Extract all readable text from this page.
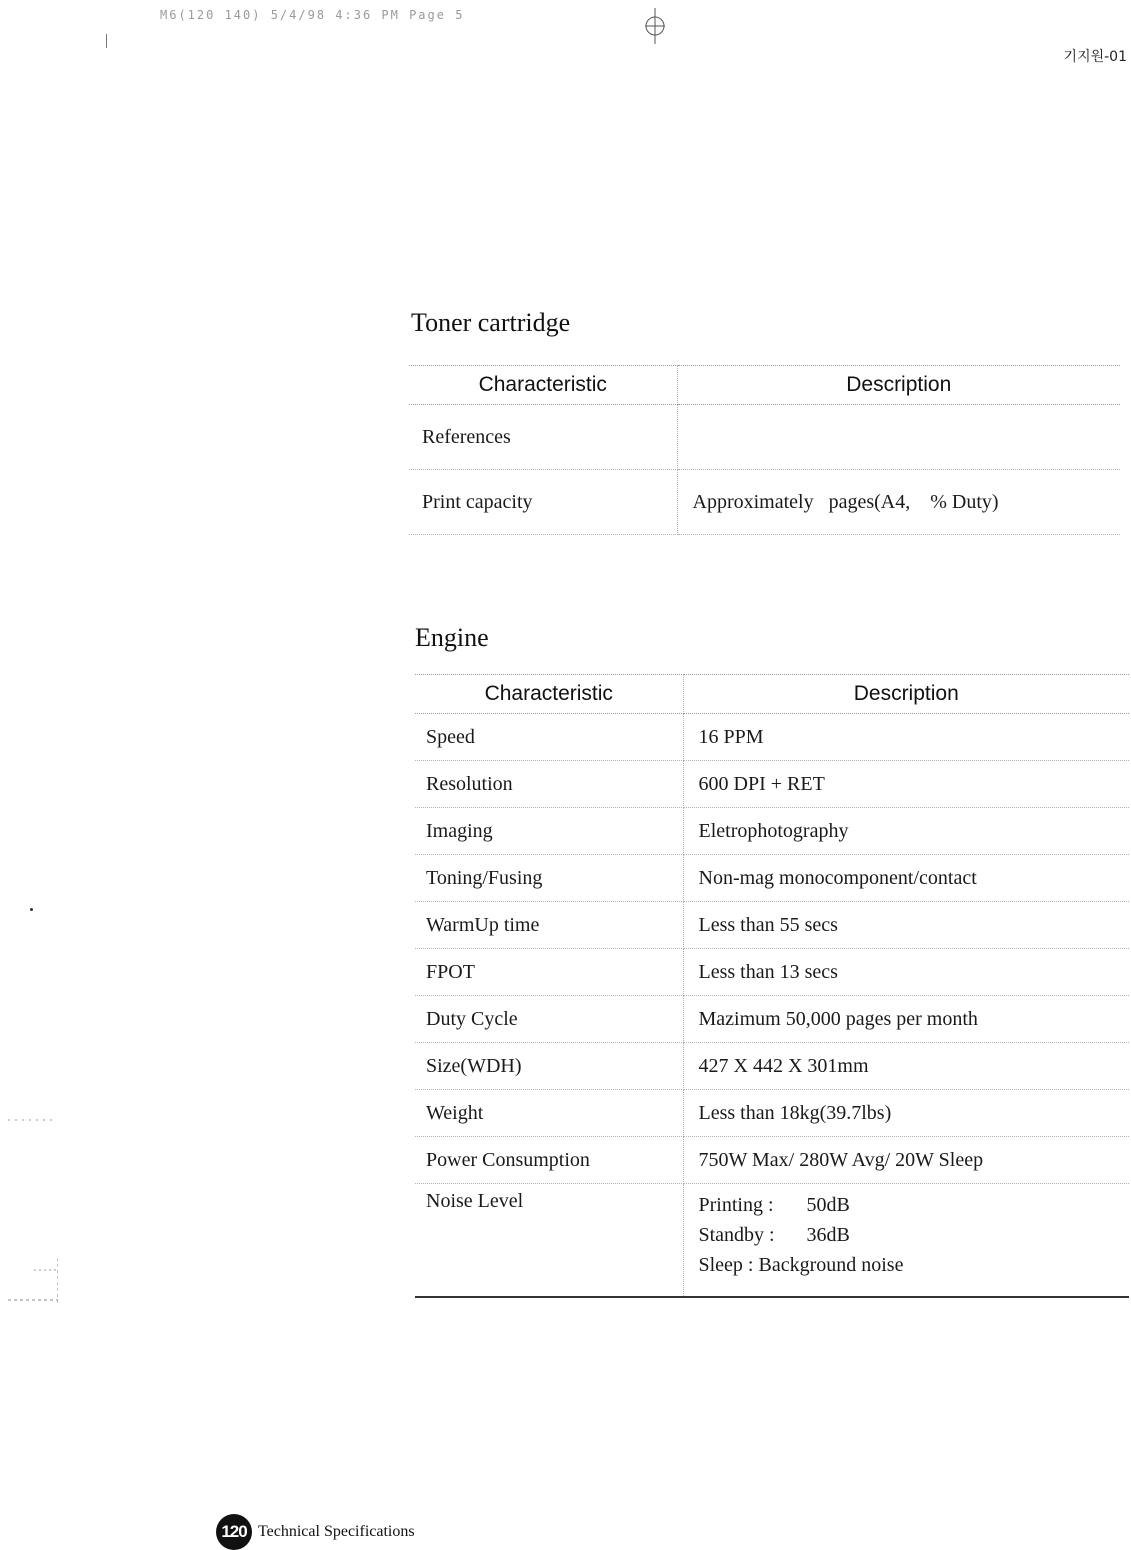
M6(120 140) 5/4/98 4:36 PM Page 5
기지원-01
Toner cartridge
Characteristic	Description
References	
Print capacity	Approximately   pages(A4,    % Duty)
Engine
Characteristic	Description
Speed	16 PPM
Resolution	600 DPI + RET
Imaging	Eletrophotography
Toning/Fusing	Non-mag monocomponent/contact
WarmUp time	Less than 55 secs
FPOT	Less than 13 secs
Duty Cycle	Mazimum 50,000 pages per month
Size(WDH)	427 X 442 X 301mm
Weight	Less than 18kg(39.7lbs)
Power Consumption	750W Max/ 280W Avg/ 20W Sleep
Noise Level	Printing : 50dB
Standby : 36dB
Sleep : Background noise
120 Technical Specifications
